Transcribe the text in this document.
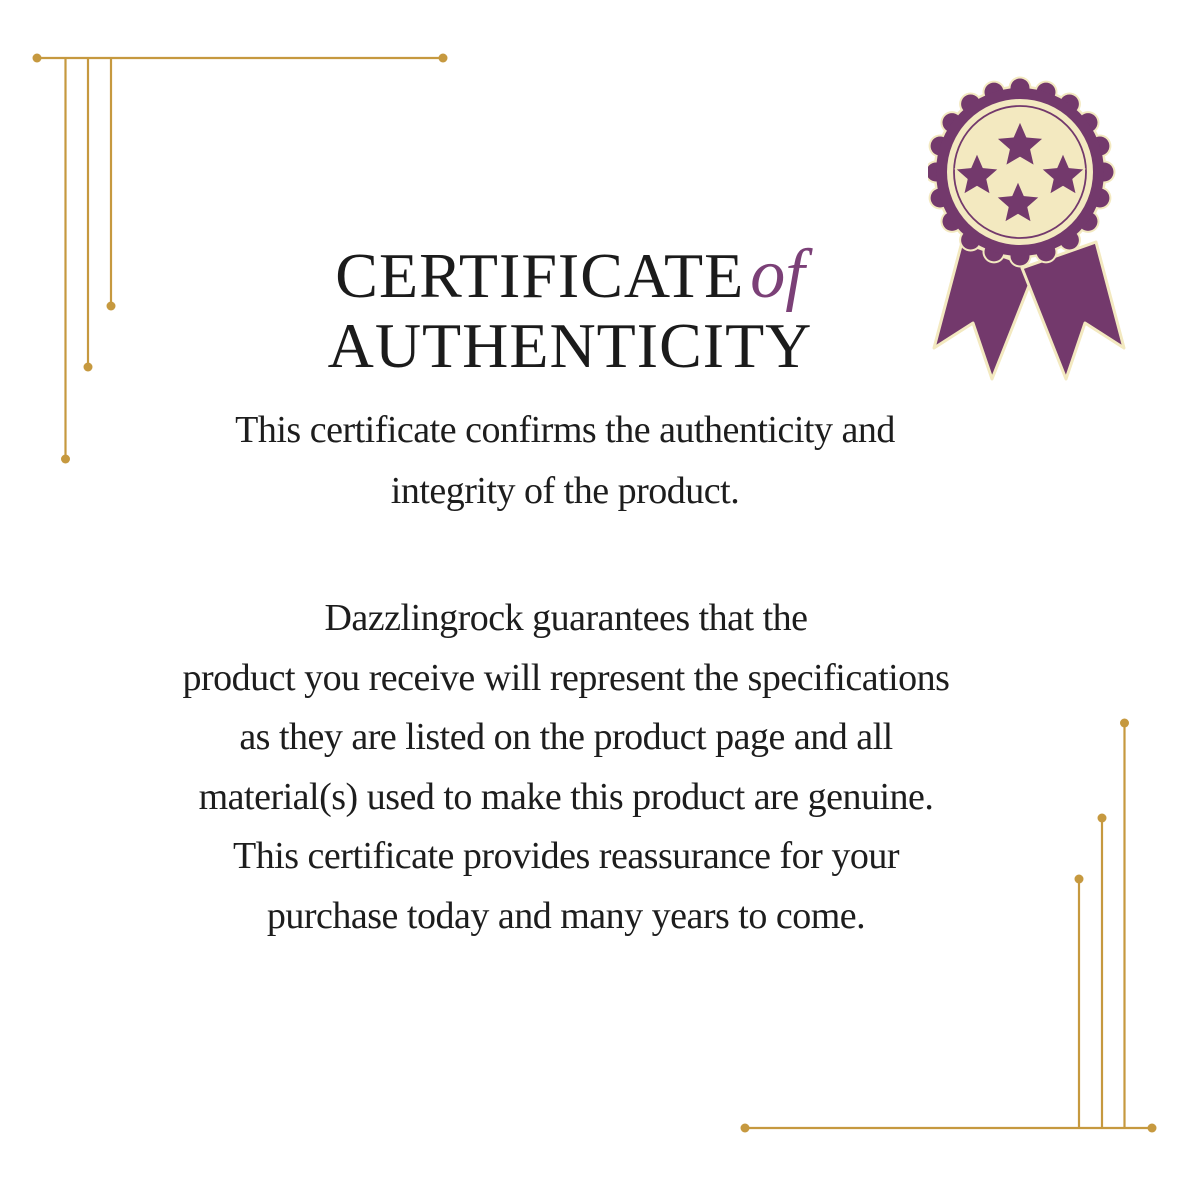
CERTIFICATEof
AUTHENTICITY
This certificate confirms the authenticity and
integrity of the product.
Dazzlingrock guarantees that the
product you receive will represent the specifications
as they are listed on the product page and all
material(s) used to make this product are genuine.
This certificate provides reassurance for your
purchase today and many years to come.
